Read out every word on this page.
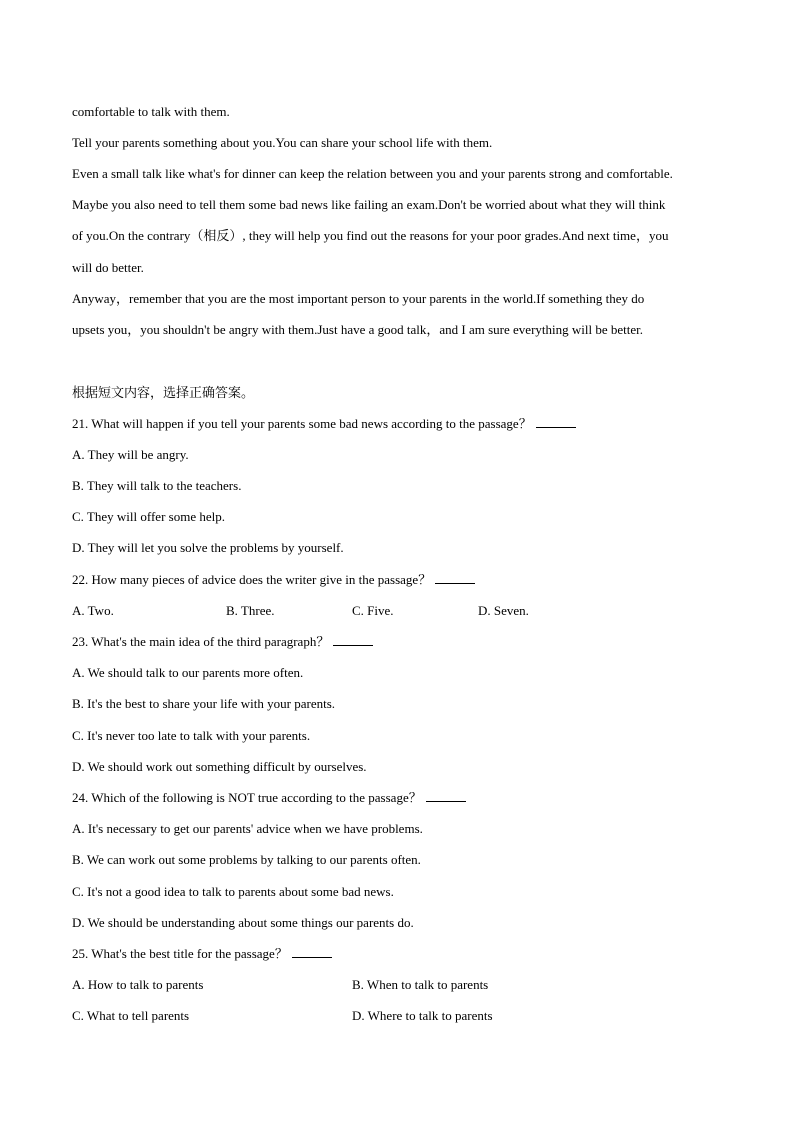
comfortable to talk with them.
Tell your parents something about you.You can share your school life with them.
Even a small talk like what's for dinner can keep the relation between you and your parents strong and comfortable.
Maybe you also need to tell them some bad news like failing an exam.Don't be worried about what they will think
of you.On the contrary（相反）, they will help you find out the reasons for your poor grades.And next time，you
will do better.
Anyway，remember that you are the most important person to your parents in the world.If something they do
upsets you，you shouldn't be angry with them.Just have a good talk，and I am sure everything will be better.
根据短文内容，选择正确答案。
21. What will happen if you tell your parents some bad news according to the passage？
A. They will be angry.
B. They will talk to the teachers.
C. They will offer some help.
D. They will let you solve the problems by yourself.
22. How many pieces of advice does the writer give in the passage？
A. Two.	B. Three.	C. Five.	D. Seven.
23. What's the main idea of the third paragraph？
A. We should talk to our parents more often.
B. It's the best to share your life with your parents.
C. It's never too late to talk with your parents.
D. We should work out something difficult by ourselves.
24. Which of the following is NOT true according to the passage？
A. It's necessary to get our parents' advice when we have problems.
B. We can work out some problems by talking to our parents often.
C. It's not a good idea to talk to parents about some bad news.
D. We should be understanding about some things our parents do.
25. What's the best title for the passage？
A. How to talk to parents	B. When to talk to parents
C. What to tell parents	D. Where to talk to parents
